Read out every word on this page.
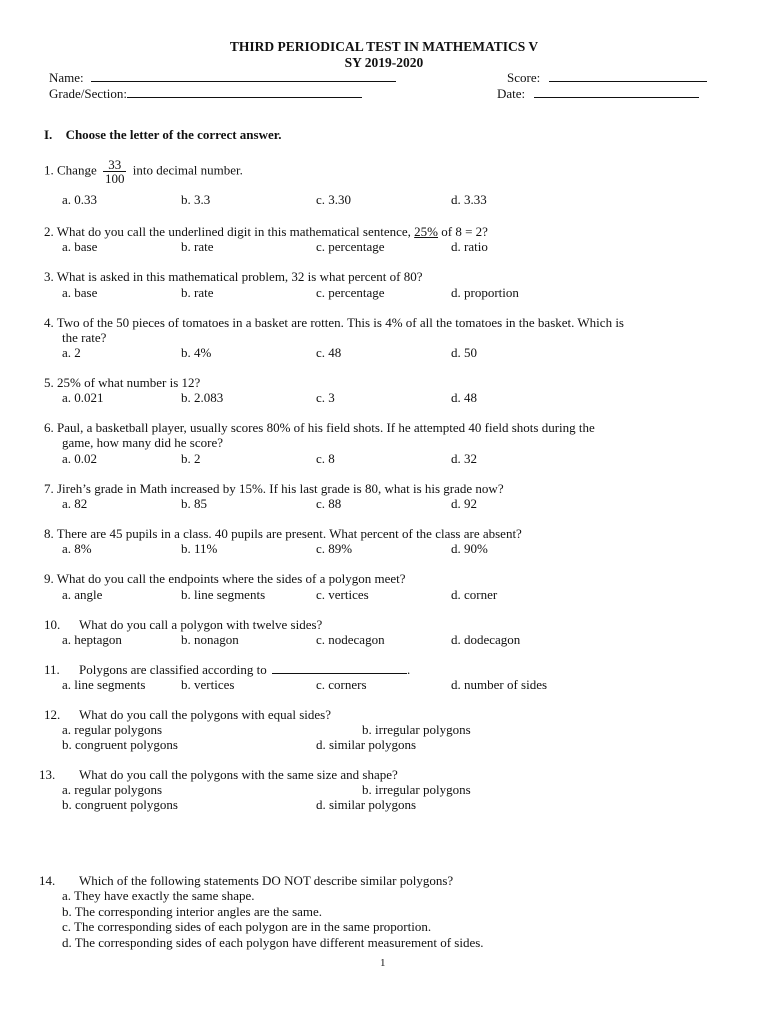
THIRD PERIODICAL TEST IN MATHEMATICS V
SY 2019-2020
Name:	Score:
Grade/Section:	Date:
I. Choose the letter of the correct answer.
1. Change $\frac{33}{100}$ into decimal number.
a. 0.33	b. 3.3	c. 3.30	d. 3.33
2. What do you call the underlined digit in this mathematical sentence, 25% of 8 = 2?
a. base	b. rate	c. percentage	d. ratio
3. What is asked in this mathematical problem, 32 is what percent of 80?
a. base	b. rate	c. percentage	d. proportion
4. Two of the 50 pieces of tomatoes in a basket are rotten. This is 4% of all the tomatoes in the basket. Which is
the rate?
a. 2	b. 4%	c. 48	d. 50
5. 25% of what number is 12?
a. 0.021	b. 2.083	c. 3	d. 48
6. Paul, a basketball player, usually scores 80% of his field shots. If he attempted 40 field shots during the
game, how many did he score?
a. 0.02	b. 2	c. 8	d. 32
7. Jireh’s grade in Math increased by 15%. If his last grade is 80, what is his grade now?
a. 82	b. 85	c. 88	d. 92
8. There are 45 pupils in a class. 40 pupils are present. What percent of the class are absent?
a. 8%	b. 11%	c. 89%	d. 90%
9. What do you call the endpoints where the sides of a polygon meet?
a. angle	b. line segments	c. vertices	d. corner
10. What do you call a polygon with twelve sides?
a. heptagon	b. nonagon	c. nodecagon	d. dodecagon
11. Polygons are classified according to	.
a. line segments	b. vertices	c. corners	d. number of sides
12. What do you call the polygons with equal sides?
a. regular polygons	b. irregular polygons
b. congruent polygons	d. similar polygons
13. What do you call the polygons with the same size and shape?
a. regular polygons	b. irregular polygons
b. congruent polygons	d. similar polygons
14. Which of the following statements DO NOT describe similar polygons?
a. They have exactly the same shape.
b. The corresponding interior angles are the same.
c. The corresponding sides of each polygon are in the same proportion.
d. The corresponding sides of each polygon have different measurement of sides.
1
